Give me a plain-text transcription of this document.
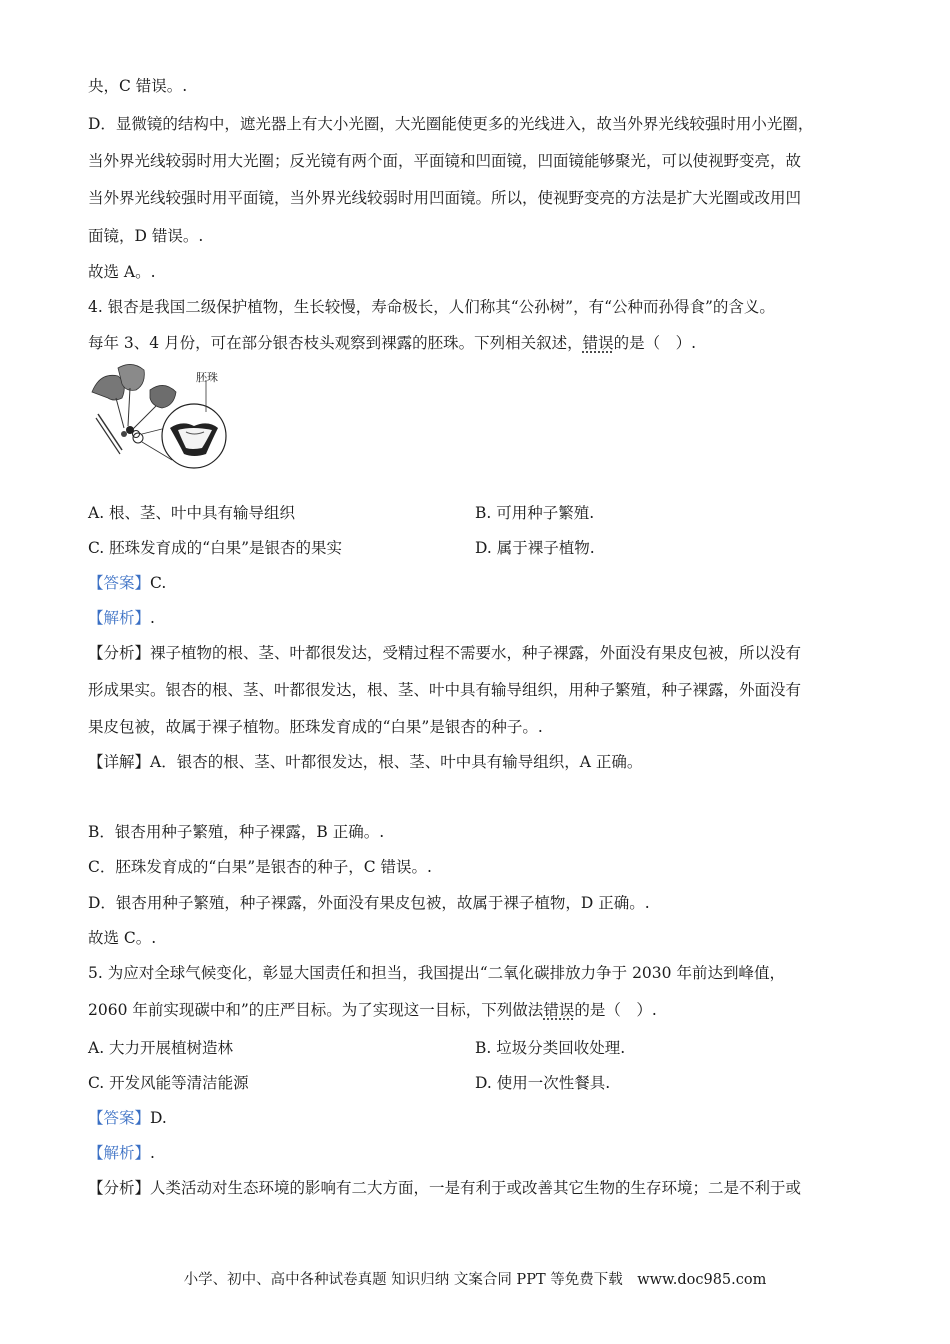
央，C 错误。.
D．显微镜的结构中，遮光器上有大小光圈，大光圈能使更多的光线进入，故当外界光线较强时用小光圈，
当外界光线较弱时用大光圈；反光镜有两个面，平面镜和凹面镜，凹面镜能够聚光，可以使视野变亮，故
当外界光线较强时用平面镜，当外界光线较弱时用凹面镜。所以，使视野变亮的方法是扩大光圈或改用凹
面镜，D 错误。.
故选 A。.
4. 银杏是我国二级保护植物，生长较慢，寿命极长，人们称其“公孙树”，有“公种而孙得食”的含义。
每年 3、4 月份，可在部分银杏枝头观察到裸露的胚珠。下列相关叙述，错误的是（　）.
胚珠
A. 根、茎、叶中具有输导组织	B. 可用种子繁殖.
C. 胚珠发育成的“白果”是银杏的果实	D. 属于裸子植物.
【答案】C.
【解析】.
【分析】裸子植物的根、茎、叶都很发达，受精过程不需要水，种子裸露，外面没有果皮包被，所以没有
形成果实。银杏的根、茎、叶都很发达，根、茎、叶中具有输导组织，用种子繁殖，种子裸露，外面没有
果皮包被，故属于裸子植物。胚珠发育成的“白果”是银杏的种子。.
【详解】A．银杏的根、茎、叶都很发达，根、茎、叶中具有输导组织，A 正确。
B．银杏用种子繁殖，种子裸露，B 正确。.
C．胚珠发育成的“白果”是银杏的种子，C 错误。.
D．银杏用种子繁殖，种子裸露，外面没有果皮包被，故属于裸子植物，D 正确。.
故选 C。.
5. 为应对全球气候变化，彰显大国责任和担当，我国提出“二氧化碳排放力争于 2030 年前达到峰值，
2060 年前实现碳中和”的庄严目标。为了实现这一目标，下列做法错误的是（　）.
A. 大力开展植树造林	B. 垃圾分类回收处理.
C. 开发风能等清洁能源	D. 使用一次性餐具.
【答案】D.
【解析】.
【分析】人类活动对生态环境的影响有二大方面，一是有利于或改善其它生物的生存环境；二是不利于或
小学、初中、高中各种试卷真题 知识归纳 文案合同 PPT 等免费下载　www.doc985.com
